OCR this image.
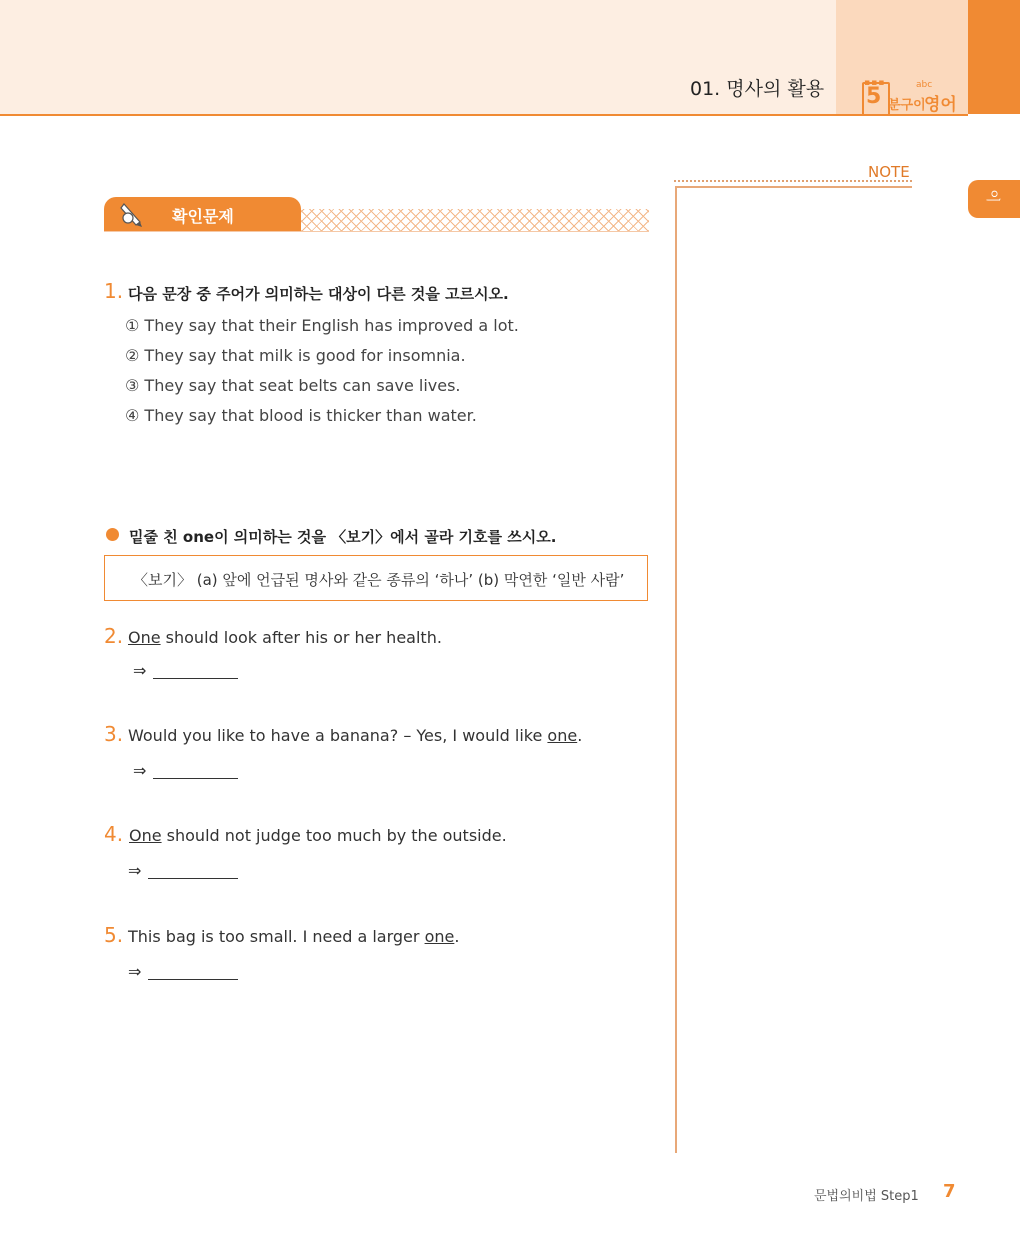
01. 명사의 활용	▪▪▪
5	abc
분구이
영어
이
NOTE
확인문제
1. 다음 문장 중 주어가 의미하는 대상이 다른 것을 고르시오.
① They say that their English has improved a lot.
② They say that milk is good for insomnia.
③ They say that seat belts can save lives.
④ They say that blood is thicker than water.
밑줄 친 one이 의미하는 것을 〈보기〉에서 골라 기호를 쓰시오.
〈보기〉 (a) 앞에 언급된 명사와 같은 종류의 ‘하나’ (b) 막연한 ‘일반 사람’
2. One should look after his or her health.
⇒
3. Would you like to have a banana? – Yes, I would like one.
⇒
4. One should not judge too much by the outside.
⇒
5. This bag is too small. I need a larger one.
⇒
문법의비법 Step1 7
